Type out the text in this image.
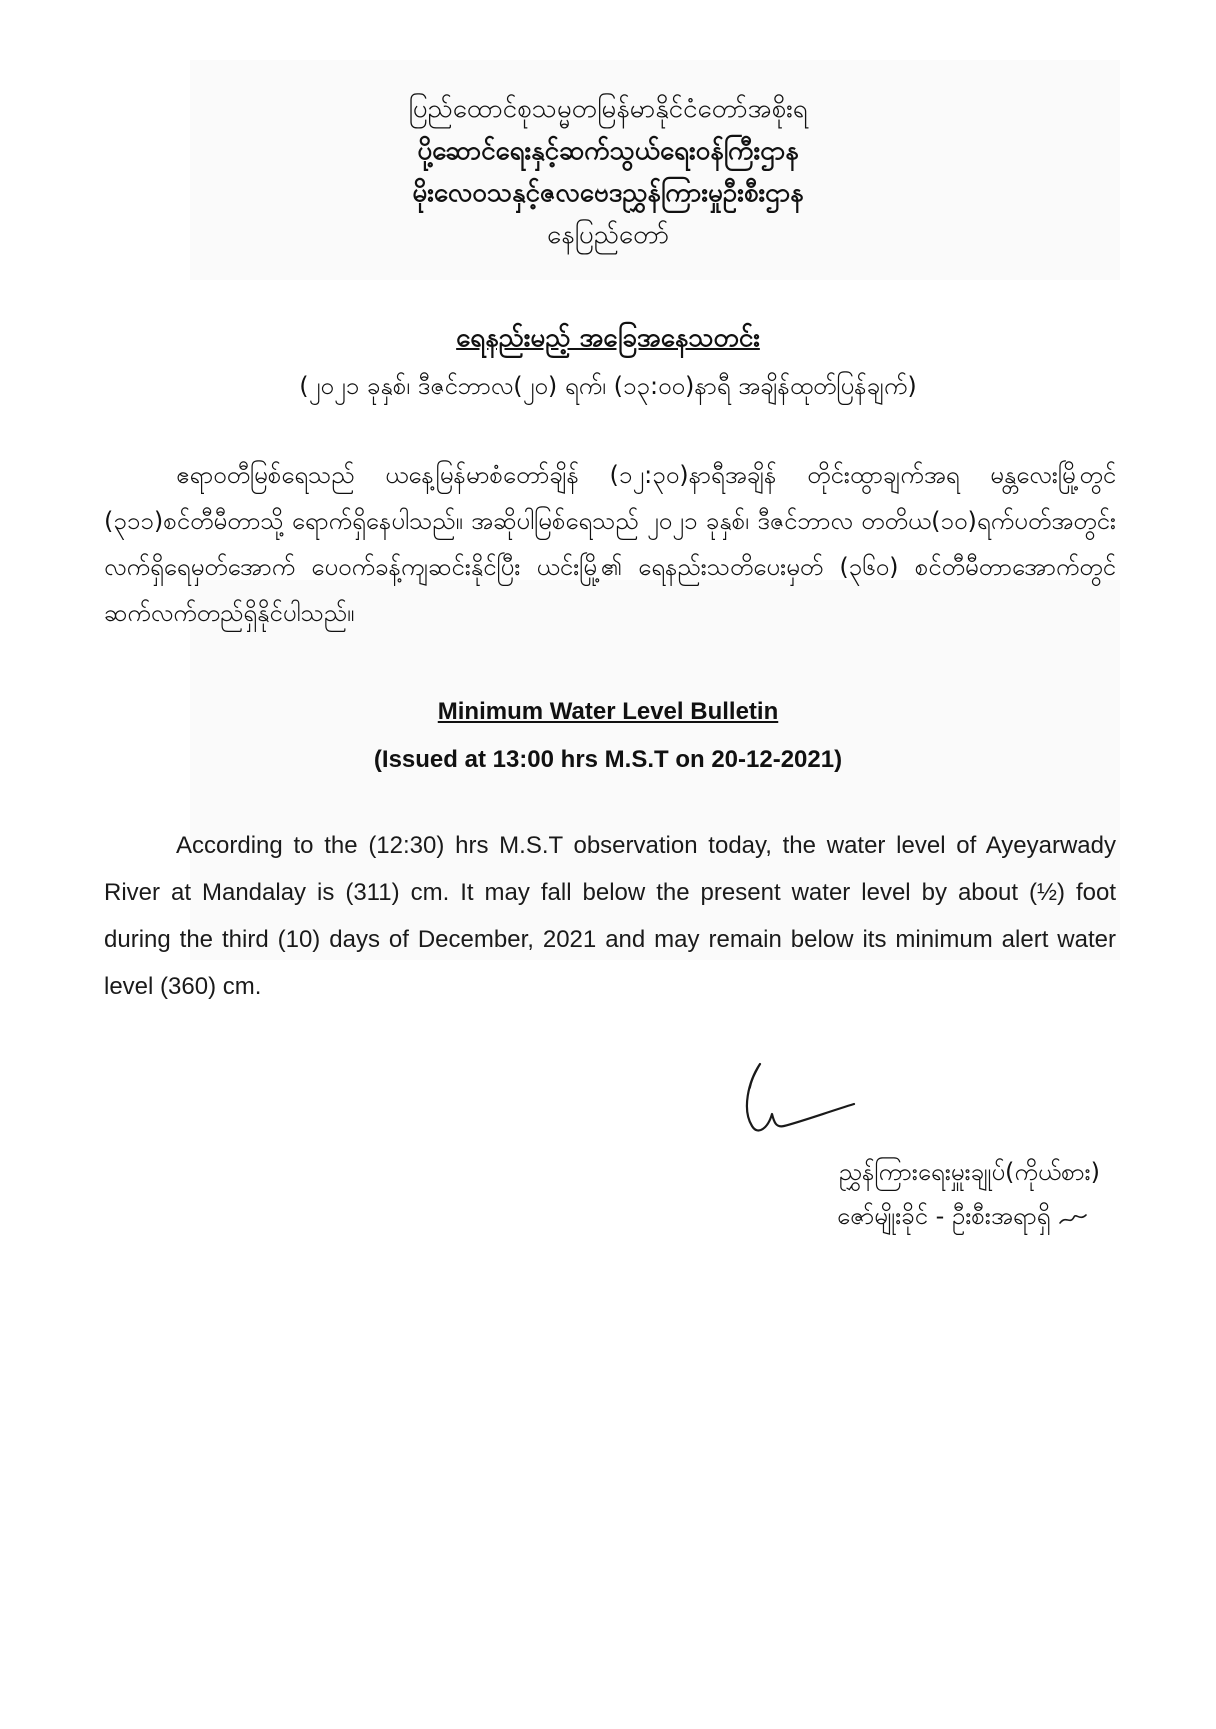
ပြည်ထောင်စုသမ္မတမြန်မာနိုင်ငံတော်အစိုးရ
ပို့ဆောင်ရေးနှင့်ဆက်သွယ်ရေးဝန်ကြီးဌာန
မိုးလေဝသနှင့်ဇလဗေဒညွှန်ကြားမှုဦးစီးဌာန
နေပြည်တော်
ရေနည်းမည့် အခြေအနေသတင်း
(၂၀၂၁ ခုနှစ်၊ ဒီဇင်ဘာလ(၂၀) ရက်၊ (၁၃:၀၀)နာရီ အချိန်ထုတ်ပြန်ချက်)
ဧရာဝတီမြစ်ရေသည် ယနေ့မြန်မာစံတော်ချိန် (၁၂:၃၀)နာရီအချိန် တိုင်းထွာချက်အရ မန္တလေးမြို့တွင် (၃၁၁)စင်တီမီတာသို့ ရောက်ရှိနေပါသည်။ အဆိုပါမြစ်ရေသည် ၂၀၂၁ ခုနှစ်၊ ဒီဇင်ဘာလ တတိယ(၁၀)ရက်ပတ်အတွင်း လက်ရှိရေမှတ်အောက် ပေဝက်ခန့်ကျဆင်းနိုင်ပြီး ယင်းမြို့၏ ရေနည်းသတိပေးမှတ် (၃၆၀) စင်တီမီတာအောက်တွင် ဆက်လက်တည်ရှိနိုင်ပါသည်။
Minimum Water Level Bulletin
(Issued at 13:00 hrs M.S.T on 20-12-2021)
According to the (12:30) hrs M.S.T observation today, the water level of Ayeyarwady River at Mandalay is (311) cm. It may fall below the present water level by about (½) foot during the third (10) days of December, 2021 and may remain below its minimum alert water level (360) cm.
ညွှန်ကြားရေးမှူးချုပ်(ကိုယ်စား)
ဇော်မျိုးခိုင် - ဦးစီးအရာရှိ
